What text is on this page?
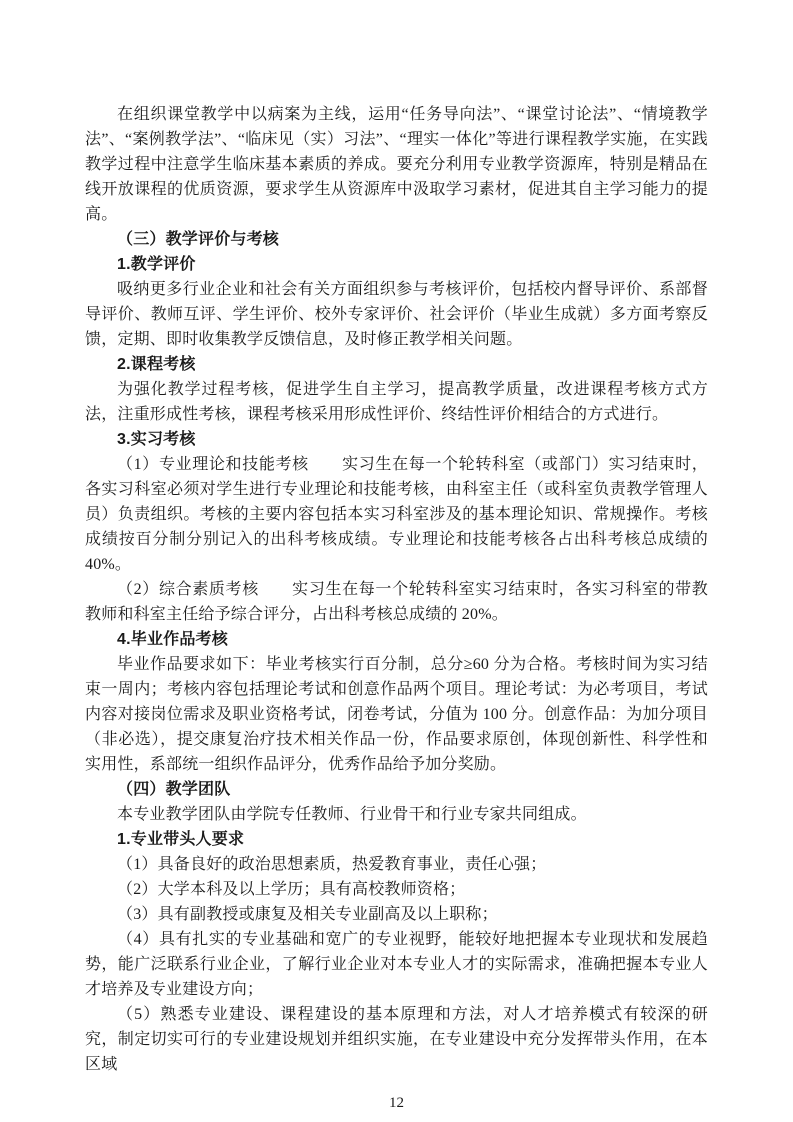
在组织课堂教学中以病案为主线，运用“任务导向法”、“课堂讨论法”、“情境教学法”、“案例教学法”、“临床见（实）习法”、“理实一体化”等进行课程教学实施，在实践教学过程中注意学生临床基本素质的养成。要充分利用专业教学资源库，特别是精品在线开放课程的优质资源，要求学生从资源库中汲取学习素材，促进其自主学习能力的提高。

（三）教学评价与考核

1.教学评价

吸纳更多行业企业和社会有关方面组织参与考核评价，包括校内督导评价、系部督导评价、教师互评、学生评价、校外专家评价、社会评价（毕业生成就）多方面考察反馈，定期、即时收集教学反馈信息，及时修正教学相关问题。

2.课程考核

为强化教学过程考核，促进学生自主学习，提高教学质量，改进课程考核方式方法，注重形成性考核，课程考核采用形成性评价、终结性评价相结合的方式进行。

3.实习考核

（1）专业理论和技能考核　　实习生在每一个轮转科室（或部门）实习结束时，各实习科室必须对学生进行专业理论和技能考核，由科室主任（或科室负责教学管理人员）负责组织。考核的主要内容包括本实习科室涉及的基本理论知识、常规操作。考核成绩按百分制分别记入的出科考核成绩。专业理论和技能考核各占出科考核总成绩的 40%。

（2）综合素质考核　　实习生在每一个轮转科室实习结束时，各实习科室的带教教师和科室主任给予综合评分，占出科考核总成绩的 20%。

4.毕业作品考核

毕业作品要求如下：毕业考核实行百分制，总分≥60 分为合格。考核时间为实习结束一周内；考核内容包括理论考试和创意作品两个项目。理论考试：为必考项目，考试内容对接岗位需求及职业资格考试，闭卷考试，分值为 100 分。创意作品：为加分项目（非必选），提交康复治疗技术相关作品一份，作品要求原创，体现创新性、科学性和实用性，系部统一组织作品评分，优秀作品给予加分奖励。

（四）教学团队

本专业教学团队由学院专任教师、行业骨干和行业专家共同组成。

1.专业带头人要求

（1）具备良好的政治思想素质，热爱教育事业，责任心强；

（2）大学本科及以上学历；具有高校教师资格；

（3）具有副教授或康复及相关专业副高及以上职称；

（4）具有扎实的专业基础和宽广的专业视野，能较好地把握本专业现状和发展趋势，能广泛联系行业企业，了解行业企业对本专业人才的实际需求，准确把握本专业人才培养及专业建设方向；

（5）熟悉专业建设、课程建设的基本原理和方法，对人才培养模式有较深的研究，制定切实可行的专业建设规划并组织实施，在专业建设中充分发挥带头作用，在本区域

12
